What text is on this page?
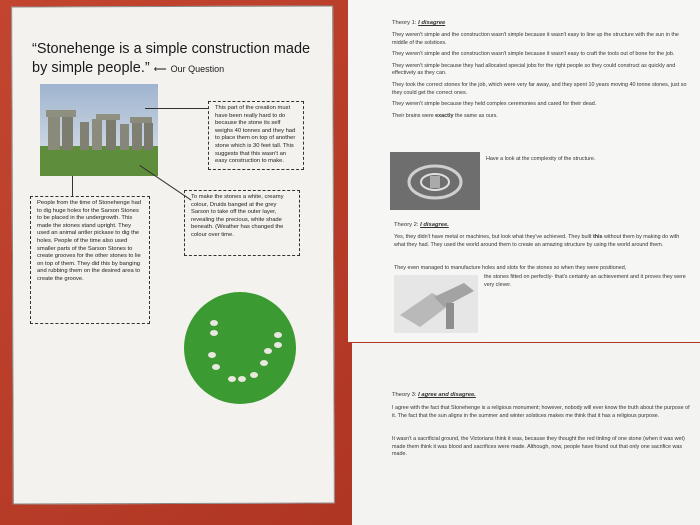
“Stonehenge is a simple construction made by simple people.” ⟵ Our Question
This part of the creation must have been really hard to do because the stone its self weighs 40 tonnes and they had to place them on top of another stone which is 30 feet tall. This suggests that this wasn't an easy construction to make.
People from the time of Stonehenge had to dig huge holes for the Sarson Stones to be placed in the undergrowth. This made the stones stand upright. They used an animal antler pickaxe to dig the holes. People of the time also used smaller parts of the Sarson Stones to create grooves for the other stones to lie on top of them. They did this by banging and rubbing them on the desired area to create the groove.
To make the stones a white, creamy colour, Druids banged at the grey Sarson to take off the outer layer, revealing the precious, white shade beneath. (Weather has changed the colour over time.
Theory 1: I disagree

They weren't simple and the construction wasn't simple because it wasn't easy to line up the structure with the sun in the middle of the solstices.

They weren't simple and the construction wasn't simple because it wasn't easy to craft the tools out of bone for the job.

They weren't simple because they had allocated special jobs for the right people so they could construct as quickly and effectively as they can.

They took the correct stones for the job, which were very far away, and they spent 10 years moving 40 tonne stones, just so they could get the correct ones.

They weren't simple because they held complex ceremonies and cared for their dead.

Their brains were exactly the same as ours.

Have a look at the complexity of the structure.
Theory 2: I disagree.
Yes, they didn't have metal or machines, but look what they've achieved. They built this without them by making do with what they had. They used the world around them to create an amazing structure by using the world around them.
They even managed to manufacture holes and slots for the stones so when they were positioned,
the stones fitted on perfectly- that's certainly an achievement and it proves they were very clever.
Theory 3: I agree and disagree.
I agree with the fact that Stonehenge is a religious monument; however, nobody will ever know the truth about the purpose of it. The fact that the sun aligns in the summer and winter solstices makes me think that it has a religious purpose.
It wasn't a sacrificial ground, the Victorians think it was, because they thought the red tinting of one stone (when it was wet) made them think it was blood and sacrifices were made. Although, now, people have found out that only one sacrifice was made.
